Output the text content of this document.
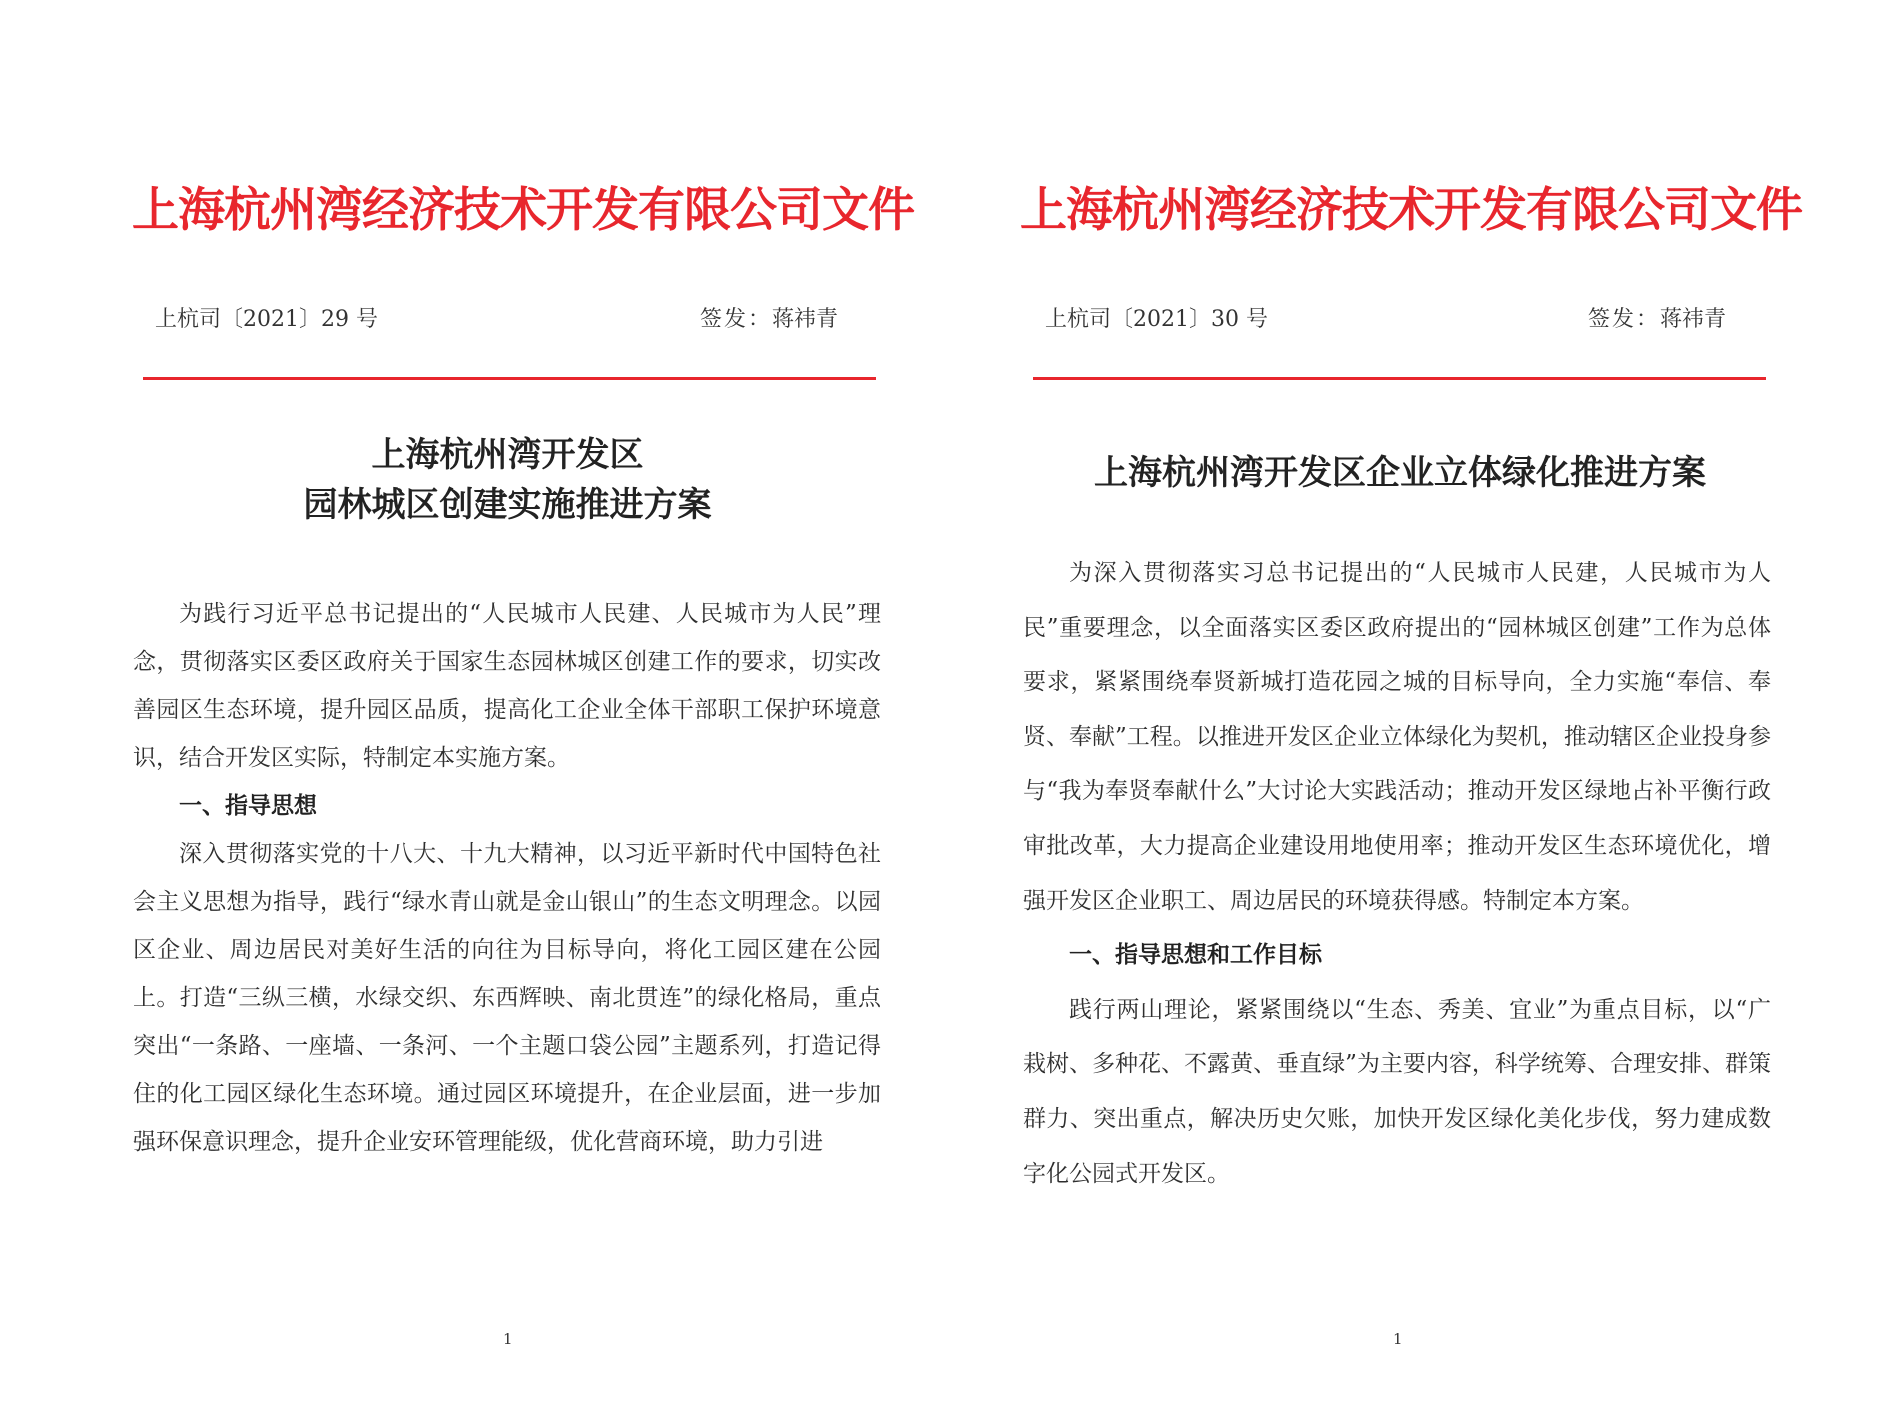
上海杭州湾经济技术开发有限公司文件
上杭司〔2021〕29 号	签发：蒋祎青
上海杭州湾开发区
园林城区创建实施推进方案

为践行习近平总书记提出的“人民城市人民建、人民城市为人民”理念，贯彻落实区委区政府关于国家生态园林城区创建工作的要求，切实改善园区生态环境，提升园区品质，提高化工企业全体干部职工保护环境意识，结合开发区实际，特制定本实施方案。

一、指导思想

深入贯彻落实党的十八大、十九大精神，以习近平新时代中国特色社会主义思想为指导，践行“绿水青山就是金山银山”的生态文明理念。以园区企业、周边居民对美好生活的向往为目标导向，将化工园区建在公园上。打造“三纵三横，水绿交织、东西辉映、南北贯连”的绿化格局，重点突出“一条路、一座墙、一条河、一个主题口袋公园”主题系列，打造记得住的化工园区绿化生态环境。通过园区环境提升，在企业层面，进一步加强环保意识理念，提升企业安环管理能级，优化营商环境，助力引进

1
上海杭州湾经济技术开发有限公司文件
上杭司〔2021〕30 号	签发：蒋祎青
上海杭州湾开发区企业立体绿化推进方案

为深入贯彻落实习总书记提出的“人民城市人民建，人民城市为人民”重要理念，以全面落实区委区政府提出的“园林城区创建”工作为总体要求，紧紧围绕奉贤新城打造花园之城的目标导向，全力实施“奉信、奉贤、奉献”工程。以推进开发区企业立体绿化为契机，推动辖区企业投身参与“我为奉贤奉献什么”大讨论大实践活动；推动开发区绿地占补平衡行政审批改革，大力提高企业建设用地使用率；推动开发区生态环境优化，增强开发区企业职工、周边居民的环境获得感。特制定本方案。

一、指导思想和工作目标

践行两山理论，紧紧围绕以“生态、秀美、宜业”为重点目标，以“广栽树、多种花、不露黄、垂直绿”为主要内容，科学统筹、合理安排、群策群力、突出重点，解决历史欠账，加快开发区绿化美化步伐，努力建成数字化公园式开发区。

1
